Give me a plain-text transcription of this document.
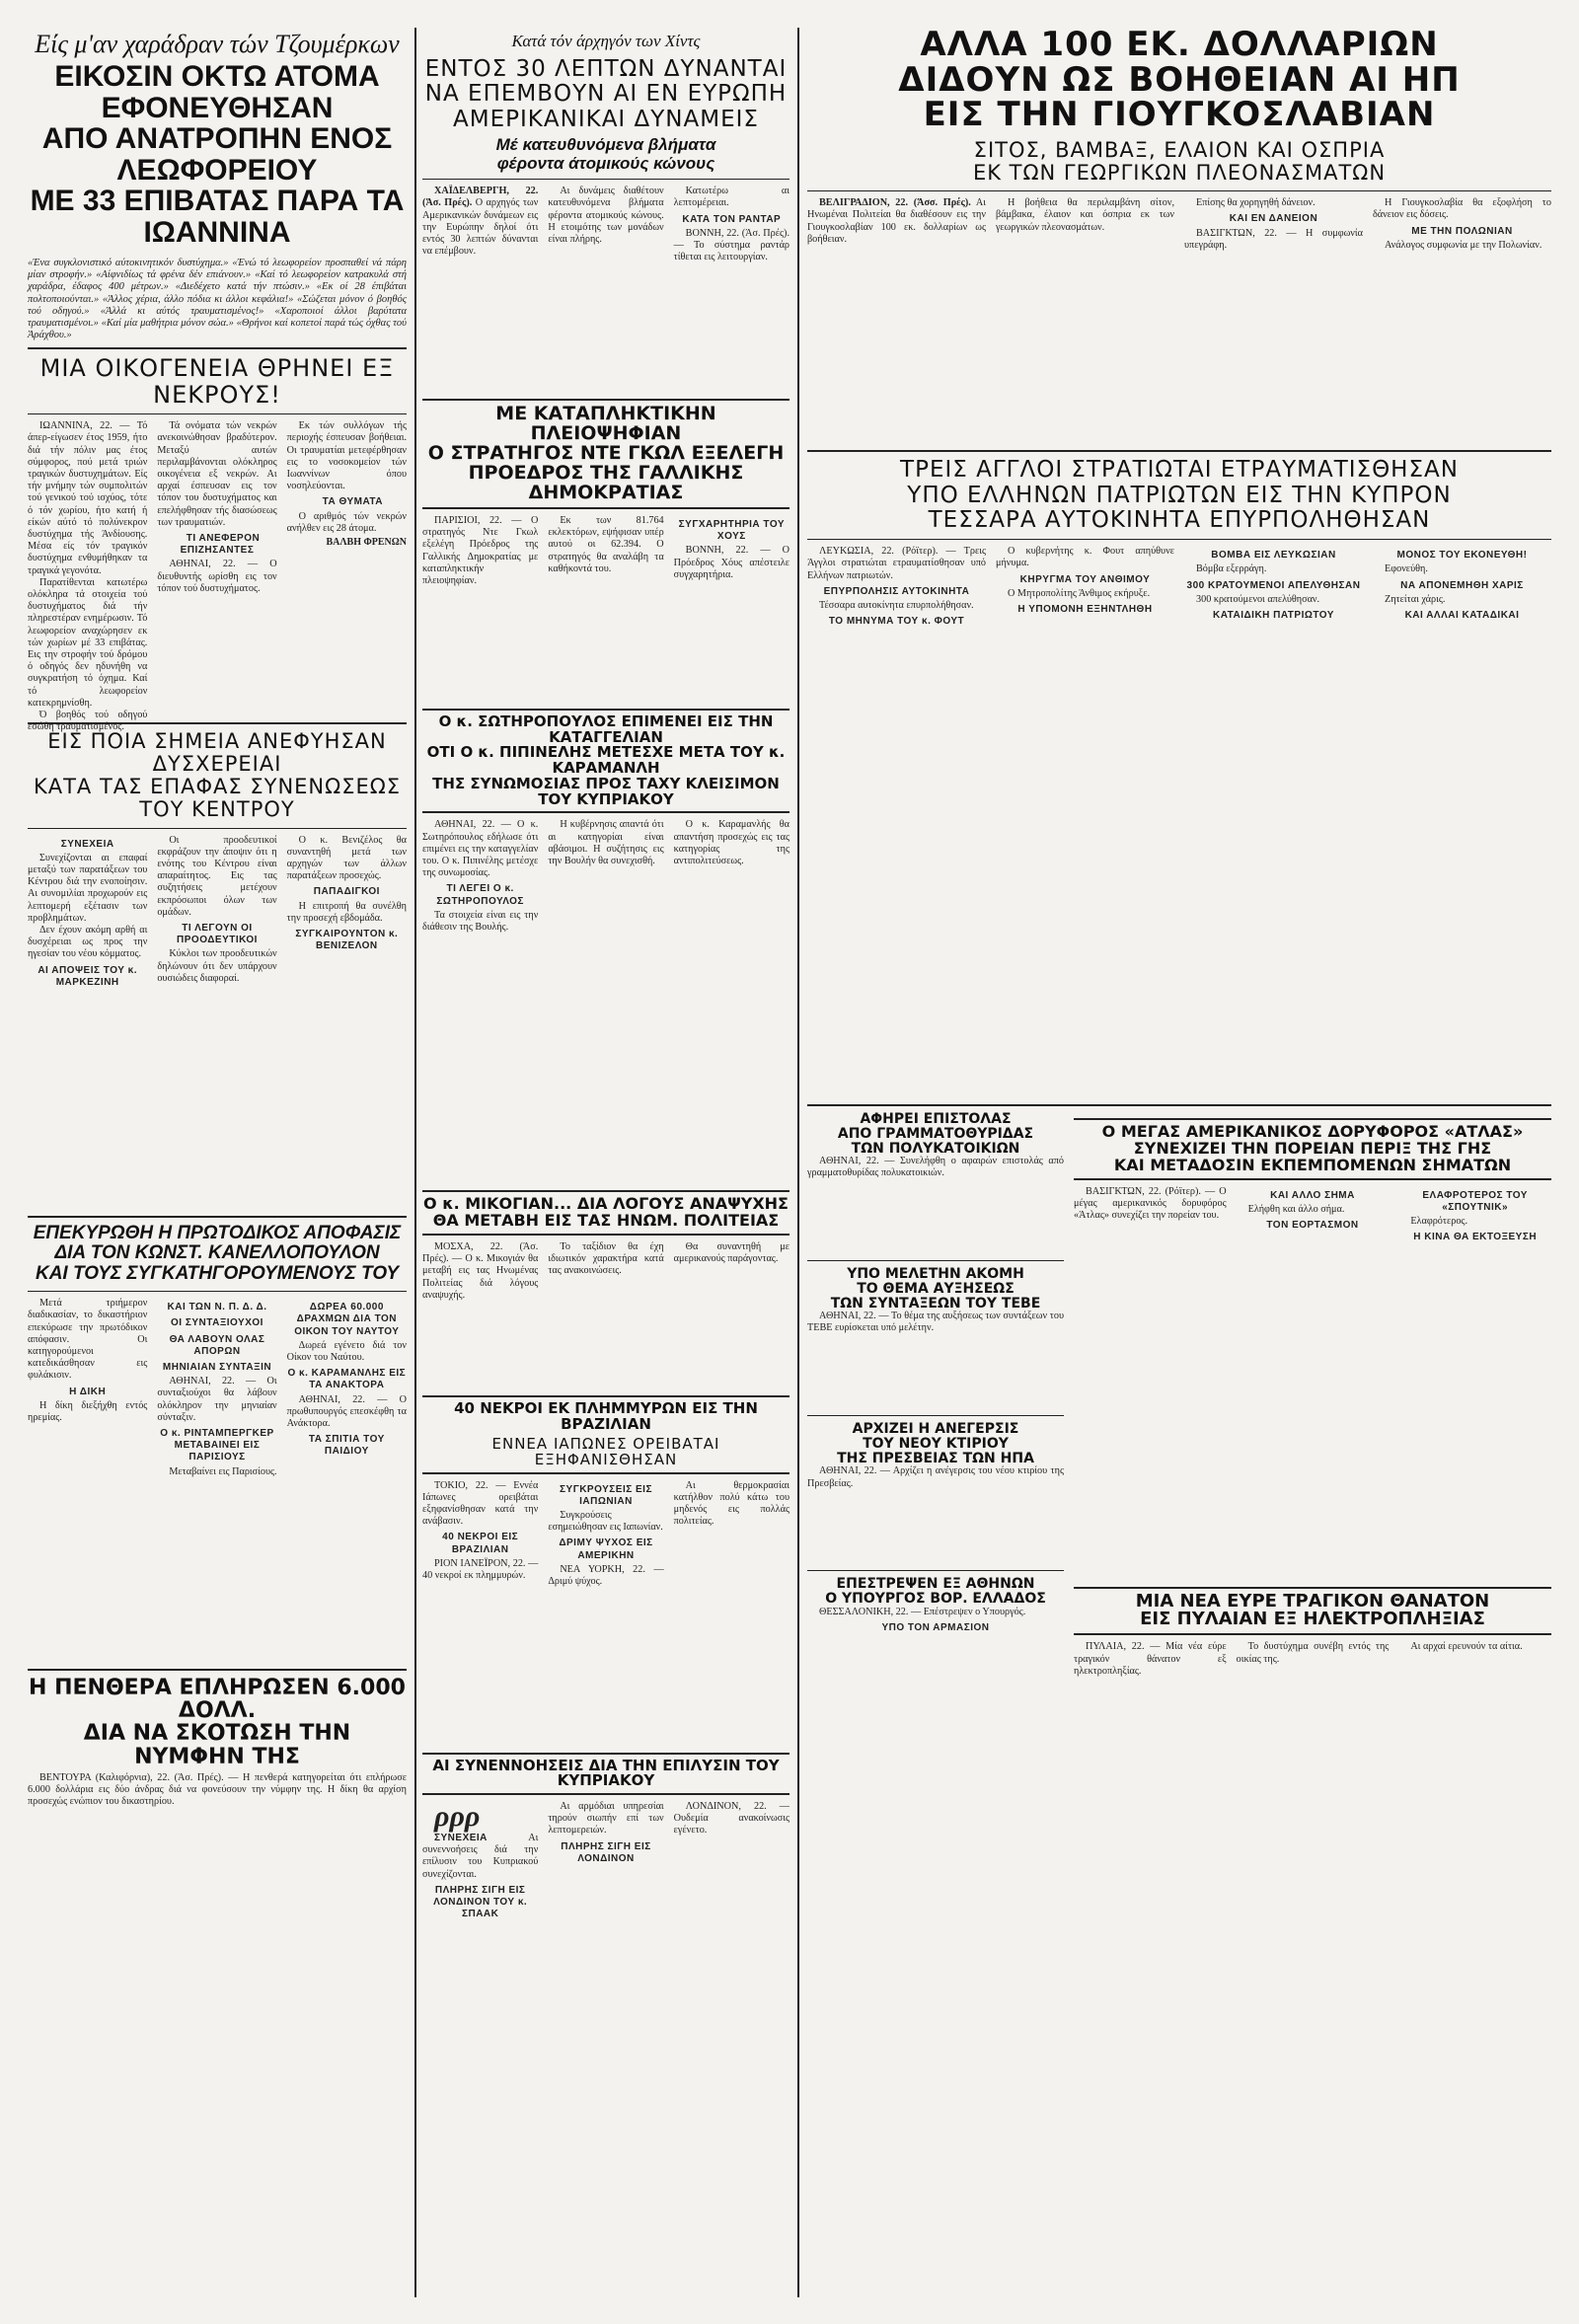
Είς μ'αν χαράδραν τών Τζουμέρκων
ΕΙΚΟΣΙΝ ΟΚΤΩ ΑΤΟΜΑ ΕΦΟΝΕΥΘΗΣΑΝ
ΑΠΟ ΑΝΑΤΡΟΠΗΝ ΕΝΟΣ ΛΕΩΦΟΡΕΙΟΥ
ΜΕ 33 ΕΠΙΒΑΤΑΣ ΠΑΡΑ ΤΑ ΙΩΑΝΝΙΝΑ
«Ένα συγκλονιστικό αύτοκινητικόν δυστύχημα.» «Ένώ τό λεωφορείον προσπαθεί νά πάρη μίαν στροφήν.» «Αίφνιδίως τά φρένα δέν επιάνουν.» «Καί τό λεωφορείον κατρακυλά στή χαράδρα, έδαφος 400 μέτρων.» «Διεδέχετο κατά τήν πτώσιν.» «Εκ οί 28 έπιβάται πολτοποιούνται.» «Άλλος χέρια, άλλο πόδια κι άλλοι κεφάλια!» «Σώζεται μόνον ό βοηθός τού οδηγού.» «Άλλά κι αύτός τραυματισμένος!» «Χαροποιοί άλλοι βαρύτατα τραυματισμένοι.» «Καί μία μαθήτρια μόνον σώα.» «Θρήνοι καί κοπετοί παρά τώς όχθας τού Άράχθου.»
ΜΙΑ ΟΙΚΟΓΕΝΕΙΑ ΘΡΗΝΕΙ ΕΞ ΝΕΚΡΟΥΣ!

ΙΩΑΝΝΙΝΑ, 22. — Τό άπερ-είγωσεν έτος 1959, ήτο διά τήν πόλιν μας έτος σύμφορος, πού μετά τριών τραγικών δυστυχημάτων. Είς τήν μνήμην τών συμπολιτών τού γενικού τού ισχύος, τότε ό τόν χωρίου, ήτο κατή ή είκών αύτό τό πολύνεκρον δυστύχημα τής Άνδίουσης. Μέσα είς τόν τραγικόν δυστύχημα ενθυμήθηκαν τα τραγικά γεγονότα.

Παρατίθενται κατωτέρω ολόκληρα τά στοιχεία τού δυστυχήματος διά τήν πληρεστέραν ενημέρωσιν. Τό λεωφορείον αναχώρησεν εκ τών χωρίων μέ 33 επιβάτας. Εις την στροφήν τού δρόμου ό οδηγός δεν ηδυνήθη να συγκρατήση τό όχημα. Καί τό λεωφορείον κατεκρημνίσθη.

Ό βοηθός τού οδηγού εσώθη τραυματισμένος.

Τά ονόματα τών νεκρών ανεκοινώθησαν βραδύτερον. Μεταξύ αυτών περιλαμβάνονται ολόκληρος οικογένεια εξ νεκρών. Αι αρχαί έσπευσαν εις τον τόπον του δυστυχήματος και επελήφθησαν τής διασώσεως των τραυματιών.

ΤΙ ΑΝΕΦΕΡΟΝ ΕΠΙΖΗΣΑΝΤΕΣ

ΑΘΗΝΑΙ, 22. — Ο διευθυντής ωρίσθη εις τον τόπον τού δυστυχήματος.

Εκ τών συλλόγων τής περιοχής έσπευσαν βοήθειαι. Οι τραυματίαι μετεφέρθησαν εις το νοσοκομείον τών Ιωαννίνων όπου νοσηλεύονται.

ΤΑ ΘΥΜΑΤΑ

Ο αριθμός τών νεκρών ανήλθεν εις 28 άτομα.

ΒΑΛΒΗ ΦΡΕΝΩΝ
ΕΙΣ ΠΟΙΑ ΣΗΜΕΙΑ ΑΝΕΦΥΗΣΑΝ ΔΥΣΧΕΡΕΙΑΙ
ΚΑΤΑ ΤΑΣ ΕΠΑΦΑΣ ΣΥΝΕΝΩΣΕΩΣ ΤΟΥ ΚΕΝΤΡΟΥ
ΣΥΝΕΧΕΙΑ

Συνεχίζονται αι επαφαί μεταξύ των παρατάξεων του Κέντρου διά την ενοποίησιν. Αι συνομιλίαι προχωρούν εις λεπτομερή εξέτασιν των προβλημάτων.

Δεν έχουν ακόμη αρθή αι δυσχέρειαι ως προς την ηγεσίαν του νέου κόμματος.

ΑΙ ΑΠΟΨΕΙΣ ΤΟΥ κ. ΜΑΡΚΕΖΙΝΗ

Οι προοδευτικοί εκφράζουν την άποψιν ότι η ενότης του Κέντρου είναι απαραίτητος. Εις τας συζητήσεις μετέχουν εκπρόσωποι όλων των ομάδων.

ΤΙ ΛΕΓΟΥΝ ΟΙ ΠΡΟΟΔΕΥΤΙΚΟΙ

Κύκλοι των προοδευτικών δηλώνουν ότι δεν υπάρχουν ουσιώδεις διαφοραί.

Ο κ. Βενιζέλος θα συναντηθή μετά των αρχηγών των άλλων παρατάξεων προσεχώς.

ΠΑΠΑΔΙΓΚΟΙ

Η επιτροπή θα συνέλθη την προσεχή εβδομάδα.

ΣΥΓΚΑΙΡΟΥΝΤΟΝ κ. ΒΕΝΙΖΕΛΟΝ
ΕΠΕΚΥΡΩΘΗ Η ΠΡΩΤΟΔΙΚΟΣ ΑΠΟΦΑΣΙΣ
ΔΙΑ ΤΟΝ ΚΩΝΣΤ. ΚΑΝΕΛΛΟΠΟΥΛΟΝ
ΚΑΙ ΤΟΥΣ ΣΥΓΚΑΤΗΓΟΡΟΥΜΕΝΟΥΣ ΤΟΥ

Μετά τριήμερον διαδικασίαν, το δικαστήριον επεκύρωσε την πρωτόδικον απόφασιν. Οι κατηγορούμενοι κατεδικάσθησαν εις φυλάκισιν.

Η ΔΙΚΗ

Η δίκη διεξήχθη εντός ηρεμίας.

ΚΑΙ ΤΩΝ Ν. Π. Δ. Δ.
ΟΙ ΣΥΝΤΑΞΙΟΥΧΟΙ
ΘΑ ΛΑΒΟΥΝ ΟΛΑΣ ΑΠΟΡΩΝ
ΜΗΝΙΑΙΑΝ ΣΥΝΤΑΞΙΝ

ΑΘΗΝΑΙ, 22. — Οι συνταξιούχοι θα λάβουν ολόκληρον την μηνιαίαν σύνταξιν.

Ο κ. ΡΙΝΤΑΜΠΕΡΓΚΕΡ ΜΕΤΑΒΑΙΝΕΙ ΕΙΣ ΠΑΡΙΣΙΟΥΣ

Μεταβαίνει εις Παρισίους.

ΔΩΡΕΑ 60.000 ΔΡΑΧΜΩΝ ΔΙΑ ΤΟΝ ΟΙΚΟΝ ΤΟΥ ΝΑΥΤΟΥ

Δωρεά εγένετο διά τον Οίκον του Ναύτου.

Ο κ. ΚΑΡΑΜΑΝΛΗΣ ΕΙΣ ΤΑ ΑΝΑΚΤΟΡΑ

ΑΘΗΝΑΙ, 22. — Ο πρωθυπουργός επεσκέφθη τα Ανάκτορα.

ΤΑ ΣΠΙΤΙΑ ΤΟΥ ΠΑΙΔΙΟΥ
Η ΠΕΝΘΕΡΑ ΕΠΛΗΡΩΣΕΝ 6.000 ΔΟΛΛ.
ΔΙΑ ΝΑ ΣΚΟΤΩΣΗ ΤΗΝ ΝΥΜΦΗΝ ΤΗΣ

ΒΕΝΤΟΥΡΑ (Καλιφόρνια), 22. (Άσ. Πρές). — Η πενθερά κατηγορείται ότι επλήρωσε 6.000 δολλάρια εις δύο άνδρας διά να φονεύσουν την νύμφην της. Η δίκη θα αρχίση προσεχώς ενώπιον του δικαστηρίου.

Κατά τόν άρχηγόν των Χίντς
ΕΝΤΟΣ 30 ΛΕΠΤΩΝ ΔΥΝΑΝΤΑΙ
ΝΑ ΕΠΕΜΒΟΥΝ ΑΙ ΕΝ ΕΥΡΩΠΗ
ΑΜΕΡΙΚΑΝΙΚΑΙ ΔΥΝΑΜΕΙΣ
Μέ κατευθυνόμενα βλήματα
φέροντα άτομικούς κώνους

ΧΑΪΔΕΛΒΕΡΓΗ, 22. (Άσ. Πρές). Ο αρχηγός των Αμερικανικών δυνάμεων εις την Ευρώπην δηλοί ότι εντός 30 λεπτών δύνανται να επέμβουν.

Αι δυνάμεις διαθέτουν κατευθυνόμενα βλήματα φέροντα ατομικούς κώνους. Η ετοιμότης των μονάδων είναι πλήρης.

Κατωτέρω αι λεπτομέρειαι.

ΚΑΤΑ ΤΟΝ ΡΑΝΤΑΡ

ΒΟΝΝΗ, 22. (Άσ. Πρές). — Το σύστημα ραντάρ τίθεται εις λειτουργίαν.

ΜΕ ΚΑΤΑΠΛΗΚΤΙΚΗΝ ΠΛΕΙΟΨΗΦΙΑΝ
Ο ΣΤΡΑΤΗΓΟΣ ΝΤΕ ΓΚΩΛ ΕΞΕΛΕΓΗ
ΠΡΟΕΔΡΟΣ ΤΗΣ ΓΑΛΛΙΚΗΣ ΔΗΜΟΚΡΑΤΙΑΣ

ΠΑΡΙΣΙΟΙ, 22. — Ο στρατηγός Ντε Γκωλ εξελέγη Πρόεδρος της Γαλλικής Δημοκρατίας με καταπληκτικήν πλειοψηφίαν.

Εκ των 81.764 εκλεκτόρων, εψήφισαν υπέρ αυτού οι 62.394. Ο στρατηγός θα αναλάβη τα καθήκοντά του.

ΣΥΓΧΑΡΗΤΗΡΙΑ ΤΟΥ ΧΟΥΣ

ΒΟΝΝΗ, 22. — Ο Πρόεδρος Χόυς απέστειλε συγχαρητήρια.

Ο κ. ΣΩΤΗΡΟΠΟΥΛΟΣ ΕΠΙΜΕΝΕΙ ΕΙΣ ΤΗΝ ΚΑΤΑΓΓΕΛΙΑΝ
ΟΤΙ Ο κ. ΠΙΠΙΝΕΛΗΣ ΜΕΤΕΣΧΕ ΜΕΤΑ ΤΟΥ κ. ΚΑΡΑΜΑΝΛΗ
ΤΗΣ ΣΥΝΩΜΟΣΙΑΣ ΠΡΟΣ ΤΑΧΥ ΚΛΕΙΣΙΜΟΝ ΤΟΥ ΚΥΠΡΙΑΚΟΥ

ΑΘΗΝΑΙ, 22. — Ο κ. Σωτηρόπουλος εδήλωσε ότι επιμένει εις την καταγγελίαν του. Ο κ. Πιπινέλης μετέσχε της συνωμοσίας.

ΤΙ ΛΕΓΕΙ Ο κ. ΣΩΤΗΡΟΠΟΥΛΟΣ

Τα στοιχεία είναι εις την διάθεσιν της Βουλής.

Η κυβέρνησις απαντά ότι αι κατηγορίαι είναι αβάσιμοι. Η συζήτησις εις την Βουλήν θα συνεχισθή.

Ο κ. Καραμανλής θα απαντήση προσεχώς εις τας κατηγορίας της αντιπολιτεύσεως.

Ο κ. ΜΙΚΟΓΙΑΝ... ΔΙΑ ΛΟΓΟΥΣ ΑΝΑΨΥΧΗΣ
ΘΑ ΜΕΤΑΒΗ ΕΙΣ ΤΑΣ ΗΝΩΜ. ΠΟΛΙΤΕΙΑΣ

ΜΟΣΧΑ, 22. (Άσ. Πρές). — Ο κ. Μικογιάν θα μεταβή εις τας Ηνωμένας Πολιτείας διά λόγους αναψυχής.

Το ταξίδιον θα έχη ιδιωτικόν χαρακτήρα κατά τας ανακοινώσεις.

Θα συναντηθή με αμερικανούς παράγοντας.

40 ΝΕΚΡΟΙ ΕΚ ΠΛΗΜΜΥΡΩΝ ΕΙΣ ΤΗΝ ΒΡΑΖΙΛΙΑΝ
ΕΝΝΕΑ ΙΑΠΩΝΕΣ ΟΡΕΙΒΑΤΑΙ ΕΞΗΦΑΝΙΣΘΗΣΑΝ

ΤΟΚΙΟ, 22. — Εννέα Ιάπωνες ορειβάται εξηφανίσθησαν κατά την ανάβασιν.

40 ΝΕΚΡΟΙ ΕΙΣ ΒΡΑΖΙΛΙΑΝ

ΡΙΟΝ ΙΑΝΕΪΡΟΝ, 22. — 40 νεκροί εκ πλημμυρών.

ΣΥΓΚΡΟΥΣΕΙΣ ΕΙΣ ΙΑΠΩΝΙΑΝ

Συγκρούσεις εσημειώθησαν εις Ιαπωνίαν.

ΔΡΙΜΥ ΨΥΧΟΣ ΕΙΣ ΑΜΕΡΙΚΗΝ

ΝΕΑ ΥΟΡΚΗ, 22. — Δριμύ ψύχος.

Αι θερμοκρασίαι κατήλθον πολύ κάτω του μηδενός εις πολλάς πολιτείας.

ΑΙ ΣΥΝΕΝΝΟΗΣΕΙΣ ΔΙΑ ΤΗΝ ΕΠΙΛΥΣΙΝ ΤΟΥ ΚΥΠΡΙΑΚΟΥ

ρρρ
ΣΥΝΕΧΕΙΑ Αι συνεννοήσεις διά την επίλυσιν του Κυπριακού συνεχίζονται.

ΠΛΗΡΗΣ ΣΙΓΗ ΕΙΣ ΛΟΝΔΙΝΟΝ ΤΟΥ κ. ΣΠΑΑΚ

Αι αρμόδιαι υπηρεσίαι τηρούν σιωπήν επί των λεπτομερειών.

ΠΛΗΡΗΣ ΣΙΓΗ ΕΙΣ ΛΟΝΔΙΝΟΝ

ΛΟΝΔΙΝΟΝ, 22. — Ουδεμία ανακοίνωσις εγένετο.

ΑΛΛΑ 100 ΕΚ. ΔΟΛΛΑΡΙΩΝ
ΔΙΔΟΥΝ ΩΣ ΒΟΗΘΕΙΑΝ ΑΙ ΗΠ
ΕΙΣ ΤΗΝ ΓΙΟΥΓΚΟΣΛΑΒΙΑΝ
ΣΙΤΟΣ, ΒΑΜΒΑΞ, ΕΛΑΙΟΝ ΚΑΙ ΟΣΠΡΙΑ
ΕΚ ΤΩΝ ΓΕΩΡΓΙΚΩΝ ΠΛΕΟΝΑΣΜΑΤΩΝ

ΒΕΛΙΓΡΑΔΙΟΝ, 22. (Άσσ. Πρές). Αι Ηνωμέναι Πολιτείαι θα διαθέσουν εις την Γιουγκοσλαβίαν 100 εκ. δολλαρίων ως βοήθειαν.

Η βοήθεια θα περιλαμβάνη σίτον, βάμβακα, έλαιον και όσπρια εκ των γεωργικών πλεονασμάτων.

Επίσης θα χορηγηθή δάνειον.

ΚΑΙ ΕΝ ΔΑΝΕΙΟΝ

ΒΑΣΙΓΚΤΩΝ, 22. — Η συμφωνία υπεγράφη.

Η Γιουγκοσλαβία θα εξοφλήση το δάνειον εις δόσεις.

ΜΕ ΤΗΝ ΠΟΛΩΝΙΑΝ

Ανάλογος συμφωνία με την Πολωνίαν.

ΤΡΕΙΣ ΑΓΓΛΟΙ ΣΤΡΑΤΙΩΤΑΙ ΕΤΡΑΥΜΑΤΙΣΘΗΣΑΝ
ΥΠΟ ΕΛΛΗΝΩΝ ΠΑΤΡΙΩΤΩΝ ΕΙΣ ΤΗΝ ΚΥΠΡΟΝ
ΤΕΣΣΑΡΑ ΑΥΤΟΚΙΝΗΤΑ ΕΠΥΡΠΟΛΗΘΗΣΑΝ

ΛΕΥΚΩΣΙΑ, 22. (Ρόϊτερ). — Τρεις Άγγλοι στρατιώται ετραυματίσθησαν υπό Ελλήνων πατριωτών.

ΕΠΥΡΠΟΛΗΣΙΣ ΑΥΤΟΚΙΝΗΤΑ

Τέσσαρα αυτοκίνητα επυρπολήθησαν.

ΤΟ ΜΗΝΥΜΑ ΤΟΥ κ. ΦΟΥΤ

Ο κυβερνήτης κ. Φουτ απηύθυνε μήνυμα.

ΚΗΡΥΓΜΑ ΤΟΥ ΑΝΘΙΜΟΥ

Ο Μητροπολίτης Άνθιμος εκήρυξε.

Η ΥΠΟΜΟΝΗ ΕΞΗΝΤΛΗΘΗ
ΒΟΜΒΑ ΕΙΣ ΛΕΥΚΩΣΙΑΝ

Βόμβα εξερράγη.

300 ΚΡΑΤΟΥΜΕΝΟΙ ΑΠΕΛΥΘΗΣΑΝ

300 κρατούμενοι απελύθησαν.

ΚΑΤΑΙΔΙΚΗ ΠΑΤΡΙΩΤΟΥ
ΜΟΝΟΣ ΤΟΥ ΕΚΟΝΕΥΘΗ!

Εφονεύθη.

ΝΑ ΑΠΟΝΕΜΗΘΗ ΧΑΡΙΣ

Ζητείται χάρις.

ΚΑΙ ΑΛΛΑΙ ΚΑΤΑΔΙΚΑΙ
ΑΦΗΡΕΙ ΕΠΙΣΤΟΛΑΣ
ΑΠΟ ΓΡΑΜΜΑΤΟΘΥΡΙΔΑΣ
ΤΩΝ ΠΟΛΥΚΑΤΟΙΚΙΩΝ

ΑΘΗΝΑΙ, 22. — Συνελήφθη ο αφαιρών επιστολάς από γραμματοθυρίδας πολυκατοικιών.

ΥΠΟ ΜΕΛΕΤΗΝ ΑΚΟΜΗ
ΤΟ ΘΕΜΑ ΑΥΞΗΣΕΩΣ
ΤΩΝ ΣΥΝΤΑΞΕΩΝ ΤΟΥ ΤΕΒΕ

ΑΘΗΝΑΙ, 22. — Το θέμα της αυξήσεως των συντάξεων του ΤΕΒΕ ευρίσκεται υπό μελέτην.

ΑΡΧΙΖΕΙ Η ΑΝΕΓΕΡΣΙΣ
ΤΟΥ ΝΕΟΥ ΚΤΙΡΙΟΥ
ΤΗΣ ΠΡΕΣΒΕΙΑΣ ΤΩΝ ΗΠΑ

ΑΘΗΝΑΙ, 22. — Αρχίζει η ανέγερσις του νέου κτιρίου της Πρεσβείας.

ΕΠΕΣΤΡΕΨΕΝ ΕΞ ΑΘΗΝΩΝ
Ο ΥΠΟΥΡΓΟΣ ΒΟΡ. ΕΛΛΑΔΟΣ

ΘΕΣΣΑΛΟΝΙΚΗ, 22. — Επέστρεψεν ο Υπουργός.

ΥΠΟ ΤΟΝ ΑΡΜΑΣΙΟΝ
Ο ΜΕΓΑΣ ΑΜΕΡΙΚΑΝΙΚΟΣ ΔΟΡΥΦΟΡΟΣ «ΑΤΛΑΣ»
ΣΥΝΕΧΙΖΕΙ ΤΗΝ ΠΟΡΕΙΑΝ ΠΕΡΙΞ ΤΗΣ ΓΗΣ
ΚΑΙ ΜΕΤΑΔΟΣΙΝ ΕΚΠΕΜΠΟΜΕΝΩΝ ΣΗΜΑΤΩΝ

ΒΑΣΙΓΚΤΩΝ, 22. (Ρόϊτερ). — Ο μέγας αμερικανικός δορυφόρος «Άτλας» συνεχίζει την πορείαν του.

ΚΑΙ ΑΛΛΟ ΣΗΜΑ

Ελήφθη και άλλο σήμα.

ΤΟΝ ΕΟΡΤΑΣΜΟΝ
ΕΛΑΦΡΟΤΕΡΟΣ ΤΟΥ «ΣΠΟΥΤΝΙΚ»

Ελαφρότερος.

Η ΚΙΝΑ ΘΑ ΕΚΤΟΞΕΥΣΗ
ΜΙΑ ΝΕΑ ΕΥΡΕ ΤΡΑΓΙΚΟΝ ΘΑΝΑΤΟΝ
ΕΙΣ ΠΥΛΑΙΑΝ ΕΞ ΗΛΕΚΤΡΟΠΛΗΞΙΑΣ

ΠΥΛΑΙΑ, 22. — Μία νέα εύρε τραγικόν θάνατον εξ ηλεκτροπληξίας.

Το δυστύχημα συνέβη εντός της οικίας της.

Αι αρχαί ερευνούν τα αίτια.
